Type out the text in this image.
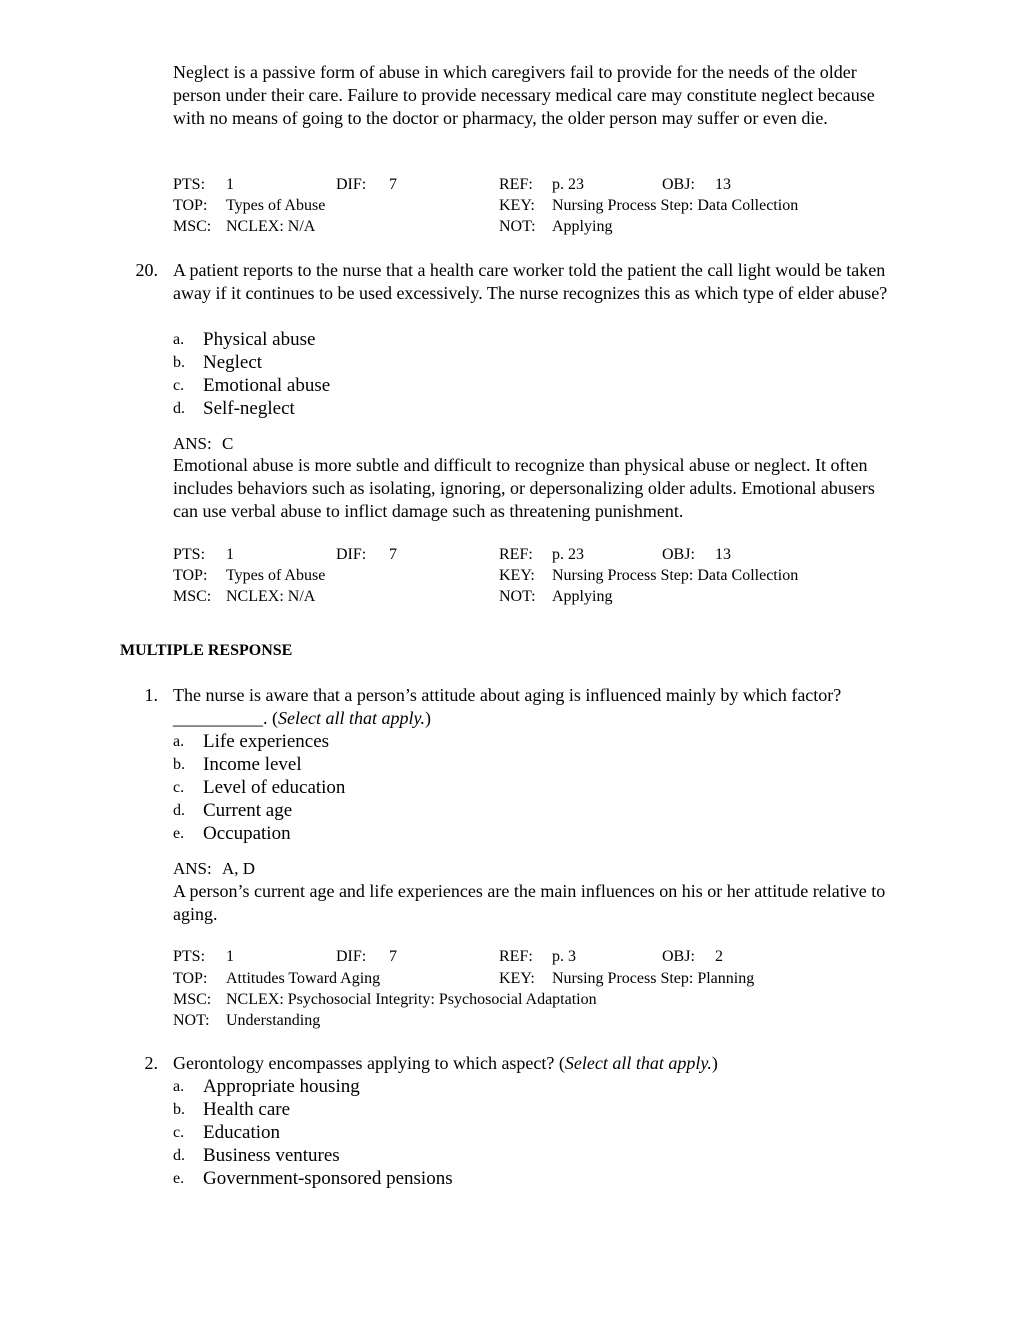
Neglect is a passive form of abuse in which caregivers fail to provide for the needs of the older person under their care. Failure to provide necessary medical care may constitute neglect because with no means of going to the doctor or pharmacy, the older person may suffer or even die.
PTS: 1	DIF: 7	REF: p. 23	OBJ: 13
TOP: Types of Abuse	KEY: Nursing Process Step: Data Collection
MSC: NCLEX: N/A	NOT: Applying
20. A patient reports to the nurse that a health care worker told the patient the call light would be taken away if it continues to be used excessively. The nurse recognizes this as which type of elder abuse?
a. Physical abuse
b. Neglect
c. Emotional abuse
d. Self-neglect
ANS: C
Emotional abuse is more subtle and difficult to recognize than physical abuse or neglect. It often includes behaviors such as isolating, ignoring, or depersonalizing older adults. Emotional abusers can use verbal abuse to inflict damage such as threatening punishment.
PTS: 1	DIF: 7	REF: p. 23	OBJ: 13
TOP: Types of Abuse	KEY: Nursing Process Step: Data Collection
MSC: NCLEX: N/A	NOT: Applying
MULTIPLE RESPONSE
1. The nurse is aware that a person’s attitude about aging is influenced mainly by which factor? __________. (Select all that apply.)
a. Life experiences
b. Income level
c. Level of education
d. Current age
e. Occupation
ANS: A, D
A person’s current age and life experiences are the main influences on his or her attitude relative to aging.
PTS: 1	DIF: 7	REF: p. 3	OBJ: 2
TOP: Attitudes Toward Aging	KEY: Nursing Process Step: Planning
MSC: NCLEX: Psychosocial Integrity: Psychosocial Adaptation
NOT: Understanding
2. Gerontology encompasses applying to which aspect? (Select all that apply.)
a. Appropriate housing
b. Health care
c. Education
d. Business ventures
e. Government-sponsored pensions
